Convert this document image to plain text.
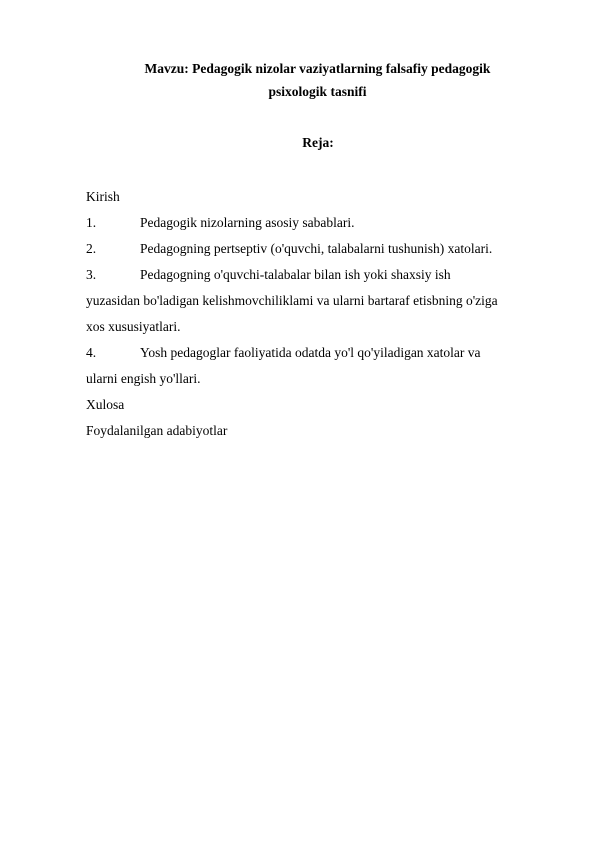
Mavzu: Pedagogik nizolar vaziyatlarning falsafiy pedagogik
psixologik tasnifi
Reja:
Kirish
1.	Pedagogik nizolarning asosiy sabablari.
2.	Pedagogning pertseptiv (o'quvchi, talabalarni tushunish) xatolari.
3.	Pedagogning o'quvchi-talabalar bilan ish yoki shaxsiy ish
yuzasidan bo'ladigan kelishmovchiliklami va ularni bartaraf etisbning o'ziga
xos xususiyatlari.
4.	Yosh pedagoglar faoliyatida odatda yo'l qo'yiladigan xatolar va
ularni engish yo'llari.
Xulosa
Foydalanilgan adabiyotlar
